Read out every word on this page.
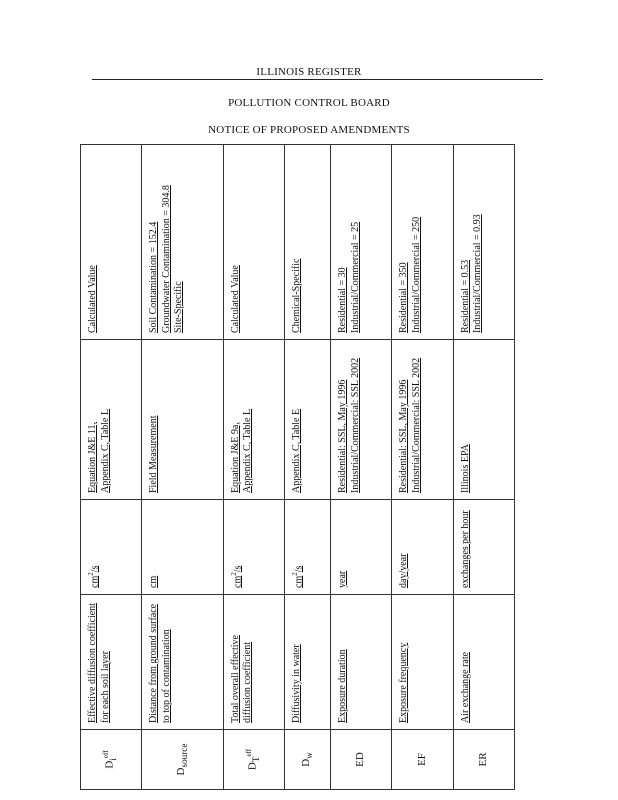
ILLINOIS REGISTER
POLLUTION CONTROL BOARD
NOTICE OF PROPOSED AMENDMENTS
$D_i^{eff}$	Effective diffusion coefficient for each soil layer	$cm^2/s$	Equation J&E 11, Appendix C, Table L	Calculated Value

$D_{source}$	Distance from ground surface to top of contamination	cm	Field Measurement	Soil Contamination = 152.4 Groundwater Contamination = 304.8 Site-Specific

$D_T^{eff}$	Total overall effective diffusion coefficient	$cm^2/s$	Equation J&E 9a, Appendix C, Table L	Calculated Value

$D_w$	Diffusivity in water	$cm^2/s$	Appendix C, Table E	Chemical-Specific

ED	Exposure duration	year	Residential: SSL, May 1996 Industrial/Commercial: SSL 2002	Residential = 30 Industrial/Commercial = 25

EF	Exposure frequency	day/year	Residential: SSL, May 1996 Industrial/Commercial: SSL 2002	Residential = 350 Industrial/Commercial = 250

ER	Air exchange rate	exchanges per hour	Illinois EPA	Residential = 0.53 Industrial/Commercial = 0.93
